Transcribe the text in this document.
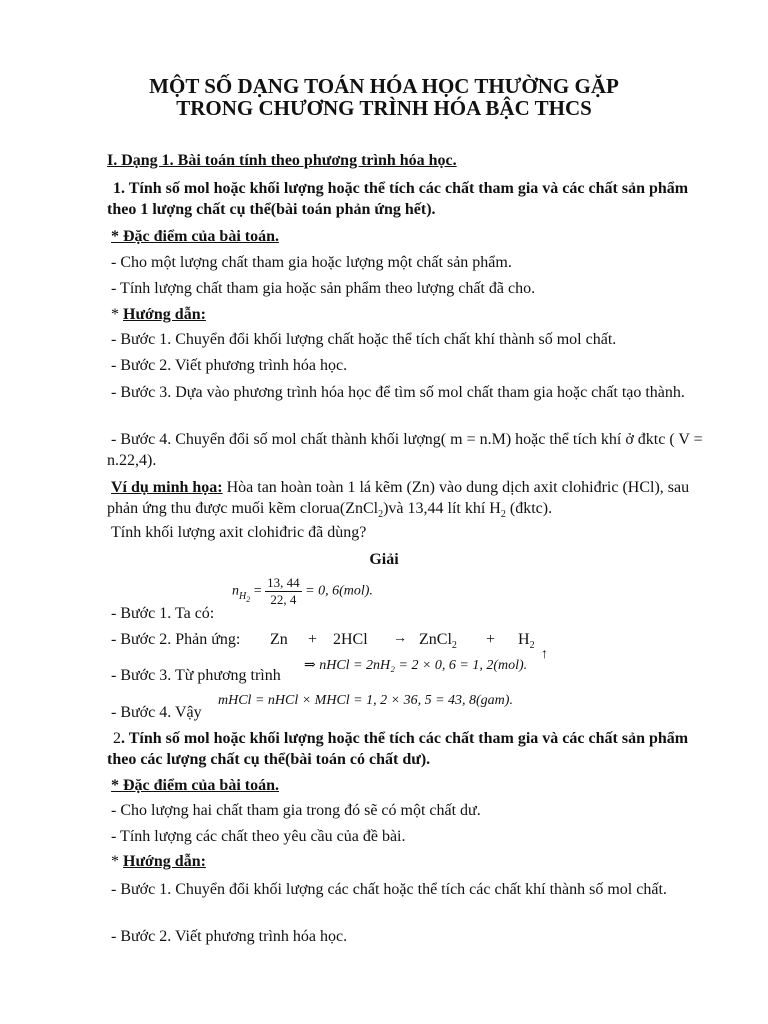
MỘT SỐ DẠNG TOÁN HÓA HỌC THƯỜNG GẶP
TRONG CHƯƠNG TRÌNH HÓA BẬC THCS
I. Dạng 1. Bài toán tính theo phương trình hóa học.
1. Tính số mol hoặc khối lượng hoặc thể tích các chất tham gia và các chất sản phẩm theo 1 lượng chất cụ thể(bài toán phản ứng hết).
* Đặc điểm của bài toán.
- Cho một lượng chất tham gia hoặc lượng một chất sản phẩm.
- Tính lượng chất tham gia hoặc sản phẩm theo lượng chất đã cho.
* Hướng dẫn:
- Bước 1. Chuyển đổi khối lượng chất hoặc thể tích chất khí thành số mol chất.
- Bước 2. Viết phương trình hóa học.
- Bước 3. Dựa vào phương trình hóa học để tìm số mol chất tham gia hoặc chất tạo thành.
- Bước 4. Chuyển đổi số mol chất thành khối lượng( m = n.M) hoặc thể tích khí ở đktc ( V = n.22,4).
Ví dụ minh họa: Hòa tan hoàn toàn 1 lá kẽm (Zn) vào dung dịch axit clohiđric (HCl), sau phản ứng thu được muối kẽm clorua(ZnCl$_2$)và 13,44 lít khí $H_2$ (đktc).
Tính khối lượng axit clohiđric đã dùng?
Giải
$n_{H_2} = \frac{13, 44}{22, 4} = 0$, 6(mol).
- Bước 1. Ta có:
- Bước 2. Phản ứng: Zn + 2HCl → ZnCl$_2$ + $H_2$
↑
- Bước 3. Từ phương trình
⇒ nHCl = 2nH₂ = 2 × 0, 6 = 1, 2(mol).
- Bước 4. Vậy
mHCl = nHCl × MHCl = 1, 2 × 36, 5 = 43, 8(gam).
2. Tính số mol hoặc khối lượng hoặc thể tích các chất tham gia và các chất sản phẩm theo các lượng chất cụ thể(bài toán có chất dư).
* Đặc điểm của bài toán.
- Cho lượng hai chất tham gia trong đó sẽ có một chất dư.
- Tính lượng các chất theo yêu cầu của đề bài.
* Hướng dẫn:
- Bước 1. Chuyển đổi khối lượng các chất hoặc thể tích các chất khí thành số mol chất.
- Bước 2. Viết phương trình hóa học.
